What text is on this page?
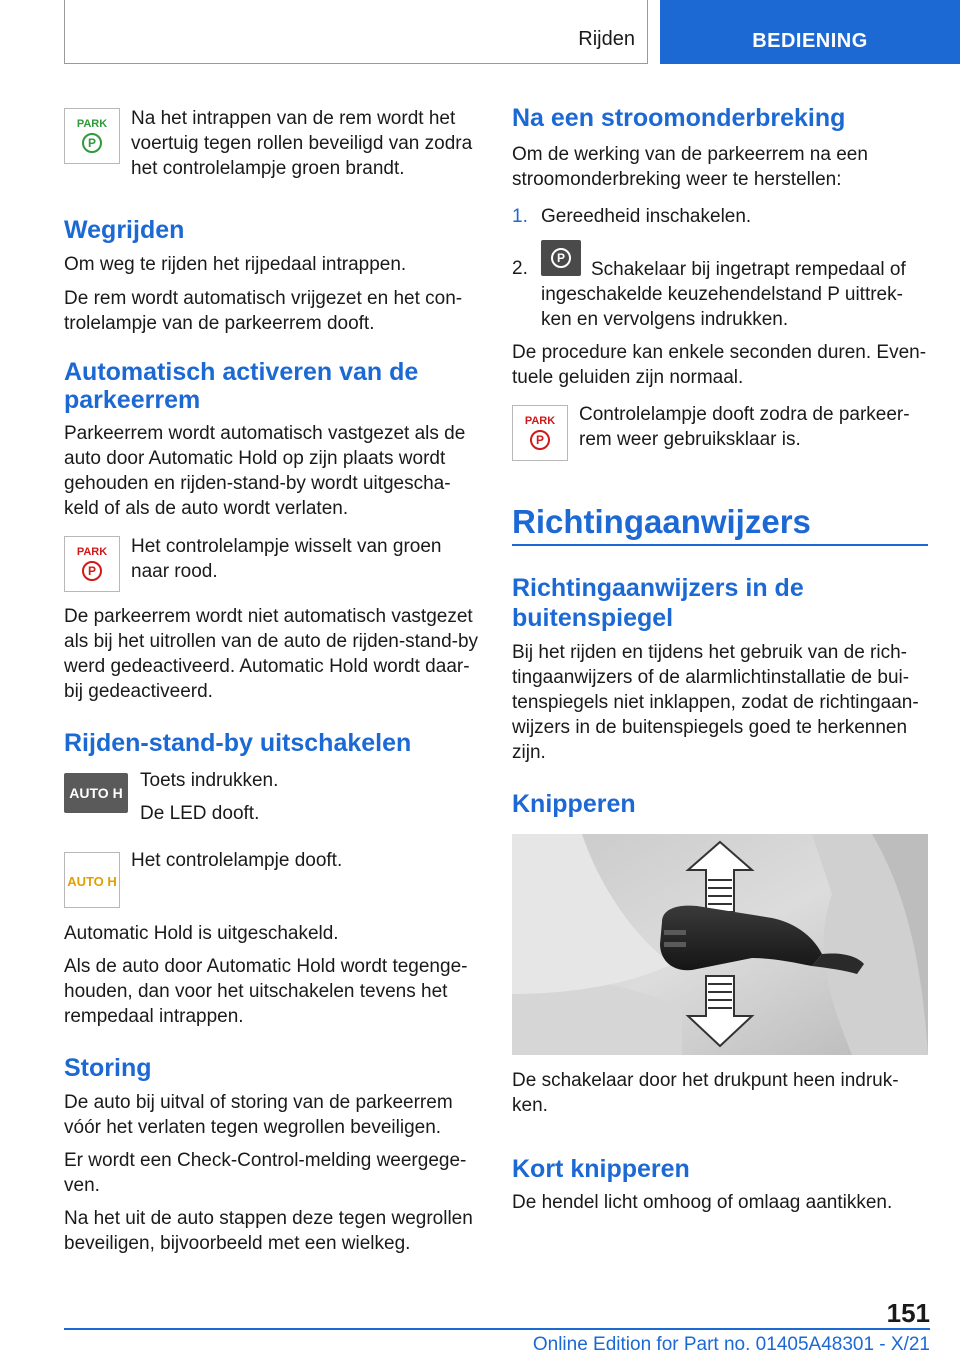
Rijden	BEDIENING
PARK
P

Na het intrappen van de rem wordt het

voertuig tegen rollen beveiligd van zodra

het controlelampje groen brandt.

Wegrijden

Om weg te rijden het rijpedaal intrappen.

De rem wordt automatisch vrijgezet en het con-

trolelampje van de parkeerrem dooft.

Automatisch activeren van de

parkeerrem

Parkeerrem wordt automatisch vastgezet als de

auto door Automatic Hold op zijn plaats wordt

gehouden en rijden-stand-by wordt uitgescha-

keld of als de auto wordt verlaten.

PARK
P

Het controlelampje wisselt van groen

naar rood.

De parkeerrem wordt niet automatisch vastgezet

als bij het uitrollen van de auto de rijden-stand-by

werd gedeactiveerd. Automatic Hold wordt daar-

bij gedeactiveerd.

Rijden-stand-by uitschakelen
AUTO H

Toets indrukken.

De LED dooft.

AUTO H
Het controlelampje dooft.

Automatic Hold is uitgeschakeld.

Als de auto door Automatic Hold wordt tegenge-

houden, dan voor het uitschakelen tevens het

rempedaal intrappen.

Storing

De auto bij uitval of storing van de parkeerrem

vóór het verlaten tegen wegrollen beveiligen.

Er wordt een Check-Control-melding weergege-

ven.

Na het uit de auto stappen deze tegen wegrollen

beveiligen, bijvoorbeeld met een wielkeg.

Na een stroomonderbreking

Om de werking van de parkeerrem na een

stroomonderbreking weer te herstellen:

1. Gereedheid inschakelen.
2.	P
Schakelaar bij ingetrapt rempedaal of

ingeschakelde keuzehendelstand P uittrek-

ken en vervolgens indrukken.

De procedure kan enkele seconden duren. Even-

tuele geluiden zijn normaal.

PARK
P

Controlelampje dooft zodra de parkeer-

rem weer gebruiksklaar is.

Richtingaanwijzers

Richtingaanwijzers in de

buitenspiegel

Bij het rijden en tijdens het gebruik van de rich-

tingaanwijzers of de alarmlichtinstallatie de bui-

tenspiegels niet inklappen, zodat de richtingaan-

wijzers in de buitenspiegels goed te herkennen

zijn.

Knipperen

De schakelaar door het drukpunt heen indruk-

ken.

Kort knipperen
De hendel licht omhoog of omlaag aantikken.
151
Online Edition for Part no. 01405A48301 - X/21
